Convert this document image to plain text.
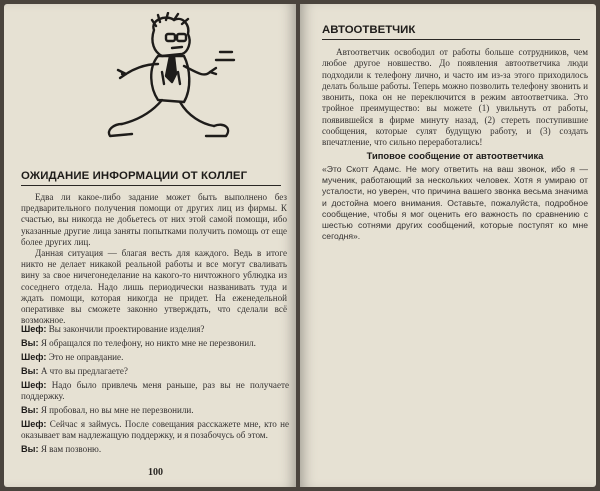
ОЖИДАНИЕ ИНФОРМАЦИИ ОТ КОЛЛЕГ

Едва ли какое-либо задание может быть выполнено без предварительного получения помощи от других лиц из фирмы. К счастью, вы никогда не добьетесь от них этой самой помощи, ибо указанные другие лица заняты попытками получить помощь от еще более других лиц.

Данная ситуация — благая весть для каждого. Ведь в итоге никто не делает никакой реальной работы и все могут сваливать вину за свое ничегонеделание на какого-то ничтожного ублюдка из соседнего отдела. Надо лишь периодически названивать туда и ждать помощи, которая никогда не придет. На еженедельной оперативке вы сможете законно утверждать, что сделали всё возможное.

Шеф: Вы закончили проектирование изделия?
Вы: Я обращался по телефону, но никто мне не перезвонил.
Шеф: Это не оправдание.
Вы: А что вы предлагаете?
Шеф: Надо было привлечь меня раньше, раз вы не получаете поддержку.
Вы: Я пробовал, но вы мне не перезвонили.
Шеф: Сейчас я займусь. После совещания расскажете мне, кто не оказывает вам надлежащую поддержку, и я позабочусь об этом.
Вы: Я вам позвоню.
100
АВТООТВЕТЧИК

Автоответчик освободил от работы больше сотрудников, чем любое другое новшество. До появления автоответчика люди подходили к телефону лично, и часто им из-за этого приходилось делать больше работы. Теперь можно позволить телефону звонить и звонить, пока он не переключится в режим автоответчика. Это тройное преимущество: вы можете (1) увильнуть от работы, появившейся в фирме минуту назад, (2) стереть поступившие сообщения, которые сулят будущую работу, и (3) создать впечатление, что сильно переработались!

Типовое сообщение от автоответчика

«Это Скотт Адамс. Не могу ответить на ваш звонок, ибо я — мученик, работающий за нескольких человек. Хотя я умираю от усталости, но уверен, что причина вашего звонка весьма значима и достойна моего внимания. Оставьте, пожалуйста, подробное сообщение, чтобы я мог оценить его важность по сравнению с шестью сотнями других сообщений, которые поступят ко мне сегодня».
